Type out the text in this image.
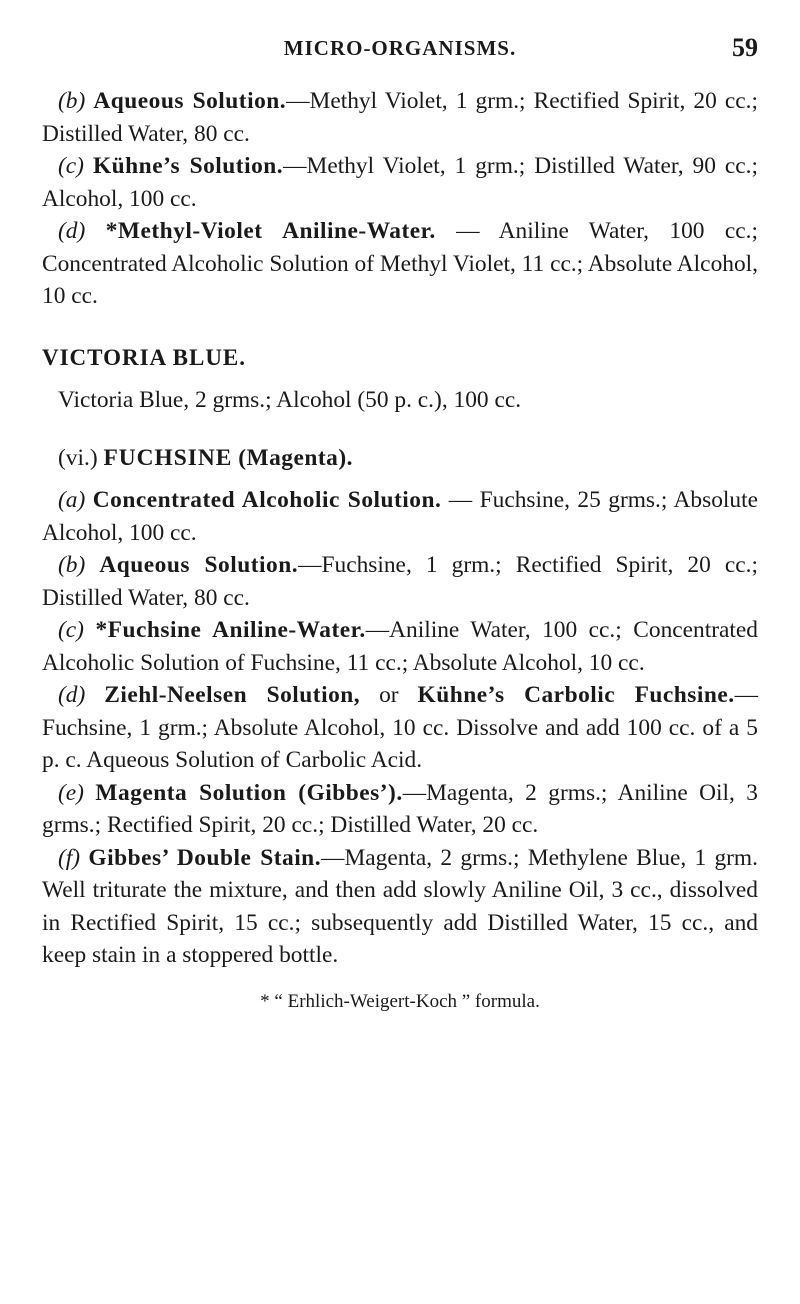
MICRO-ORGANISMS.	59

(b) Aqueous Solution.—Methyl Violet, 1 grm.; Rectified Spirit, 20 cc.; Distilled Water, 80 cc.

(c) Kühne’s Solution.—Methyl Violet, 1 grm.; Distilled Water, 90 cc.; Alcohol, 100 cc.

(d) *Methyl-Violet Aniline-Water. — Aniline Water, 100 cc.; Concentrated Alcoholic Solution of Methyl Violet, 11 cc.; Absolute Alcohol, 10 cc.

VICTORIA BLUE.

Victoria Blue, 2 grms.; Alcohol (50 p. c.), 100 cc.

(vi.) FUCHSINE (Magenta).

(a) Concentrated Alcoholic Solution. — Fuchsine, 25 grms.; Absolute Alcohol, 100 cc.

(b) Aqueous Solution.—Fuchsine, 1 grm.; Rectified Spirit, 20 cc.; Distilled Water, 80 cc.

(c) *Fuchsine Aniline-Water.—Aniline Water, 100 cc.; Concentrated Alcoholic Solution of Fuchsine, 11 cc.; Absolute Alcohol, 10 cc.

(d) Ziehl-Neelsen Solution, or Kühne’s Carbolic Fuchsine.—Fuchsine, 1 grm.; Absolute Alcohol, 10 cc. Dissolve and add 100 cc. of a 5 p. c. Aqueous Solution of Carbolic Acid.

(e) Magenta Solution (Gibbes’).—Magenta, 2 grms.; Aniline Oil, 3 grms.; Rectified Spirit, 20 cc.; Distilled Water, 20 cc.

(f) Gibbes’ Double Stain.—Magenta, 2 grms.; Methylene Blue, 1 grm. Well triturate the mixture, and then add slowly Aniline Oil, 3 cc., dissolved in Rectified Spirit, 15 cc.; subsequently add Distilled Water, 15 cc., and keep stain in a stoppered bottle.

* “ Erhlich-Weigert-Koch ” formula.
